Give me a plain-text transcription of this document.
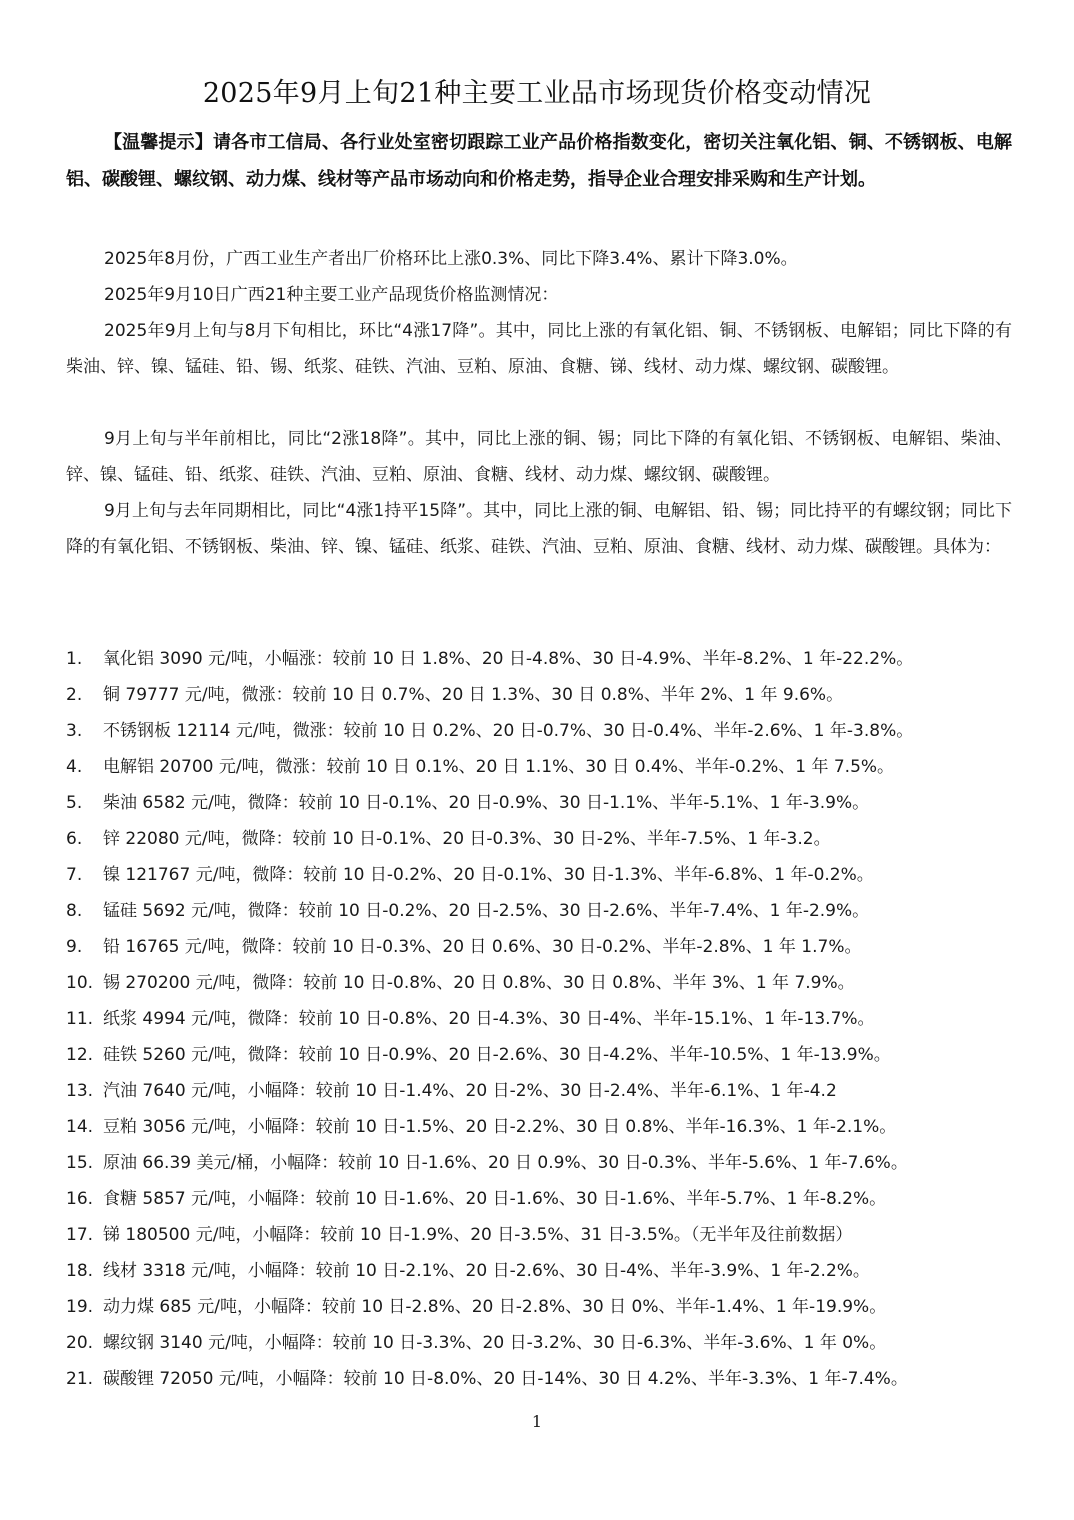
2025年9月上旬21种主要工业品市场现货价格变动情况
【温馨提示】请各市工信局、各行业处室密切跟踪工业产品价格指数变化，密切关注氧化铝、铜、不锈钢板、电解铝、碳酸锂、螺纹钢、动力煤、线材等产品市场动向和价格走势，指导企业合理安排采购和生产计划。

2025年8月份，广西工业生产者出厂价格环比上涨0.3%、同比下降3.4%、累计下降3.0%。

2025年9月10日广西21种主要工业产品现货价格监测情况：

2025年9月上旬与8月下旬相比，环比“4涨17降”。其中，同比上涨的有氧化铝、铜、不锈钢板、电解铝；同比下降的有柴油、锌、镍、锰硅、铅、锡、纸浆、硅铁、汽油、豆粕、原油、食糖、锑、线材、动力煤、螺纹钢、碳酸锂。

9月上旬与半年前相比，同比“2涨18降”。其中，同比上涨的铜、锡；同比下降的有氧化铝、不锈钢板、电解铝、柴油、锌、镍、锰硅、铅、纸浆、硅铁、汽油、豆粕、原油、食糖、线材、动力煤、螺纹钢、碳酸锂。

9月上旬与去年同期相比，同比“4涨1持平15降”。其中，同比上涨的铜、电解铝、铅、锡；同比持平的有螺纹钢；同比下降的有氧化铝、不锈钢板、柴油、锌、镍、锰硅、纸浆、硅铁、汽油、豆粕、原油、食糖、线材、动力煤、碳酸锂。具体为：

1.	氧化铝 3090 元/吨，小幅涨：较前 10 日 1.8%、20 日-4.8%、30 日-4.9%、半年-8.2%、1 年-22.2%。
2.	铜 79777 元/吨，微涨：较前 10 日 0.7%、20 日 1.3%、30 日 0.8%、半年 2%、1 年 9.6%。
3.	不锈钢板 12114 元/吨，微涨：较前 10 日 0.2%、20 日-0.7%、30 日-0.4%、半年-2.6%、1 年-3.8%。
4.	电解铝 20700 元/吨，微涨：较前 10 日 0.1%、20 日 1.1%、30 日 0.4%、半年-0.2%、1 年 7.5%。
5.	柴油 6582 元/吨，微降：较前 10 日-0.1%、20 日-0.9%、30 日-1.1%、半年-5.1%、1 年-3.9%。
6.	锌 22080 元/吨，微降：较前 10 日-0.1%、20 日-0.3%、30 日-2%、半年-7.5%、1 年-3.2。
7.	镍 121767 元/吨，微降：较前 10 日-0.2%、20 日-0.1%、30 日-1.3%、半年-6.8%、1 年-0.2%。
8.	锰硅 5692 元/吨，微降：较前 10 日-0.2%、20 日-2.5%、30 日-2.6%、半年-7.4%、1 年-2.9%。
9.	铅 16765 元/吨，微降：较前 10 日-0.3%、20 日 0.6%、30 日-0.2%、半年-2.8%、1 年 1.7%。
10. 锡 270200 元/吨，微降：较前 10 日-0.8%、20 日 0.8%、30 日 0.8%、半年 3%、1 年 7.9%。
11. 纸浆 4994 元/吨，微降：较前 10 日-0.8%、20 日-4.3%、30 日-4%、半年-15.1%、1 年-13.7%。
12. 硅铁 5260 元/吨，微降：较前 10 日-0.9%、20 日-2.6%、30 日-4.2%、半年-10.5%、1 年-13.9%。
13. 汽油 7640 元/吨，小幅降：较前 10 日-1.4%、20 日-2%、30 日-2.4%、半年-6.1%、1 年-4.2
14. 豆粕 3056 元/吨，小幅降：较前 10 日-1.5%、20 日-2.2%、30 日 0.8%、半年-16.3%、1 年-2.1%。
15. 原油 66.39 美元/桶，小幅降：较前 10 日-1.6%、20 日 0.9%、30 日-0.3%、半年-5.6%、1 年-7.6%。
16. 食糖 5857 元/吨，小幅降：较前 10 日-1.6%、20 日-1.6%、30 日-1.6%、半年-5.7%、1 年-8.2%。
17. 锑 180500 元/吨，小幅降：较前 10 日-1.9%、20 日-3.5%、31 日-3.5%。（无半年及往前数据）
18. 线材 3318 元/吨，小幅降：较前 10 日-2.1%、20 日-2.6%、30 日-4%、半年-3.9%、1 年-2.2%。
19. 动力煤 685 元/吨，小幅降：较前 10 日-2.8%、20 日-2.8%、30 日 0%、半年-1.4%、1 年-19.9%。
20. 螺纹钢 3140 元/吨，小幅降：较前 10 日-3.3%、20 日-3.2%、30 日-6.3%、半年-3.6%、1 年 0%。
21. 碳酸锂 72050 元/吨，小幅降：较前 10 日-8.0%、20 日-14%、30 日 4.2%、半年-3.3%、1 年-7.4%。
1
